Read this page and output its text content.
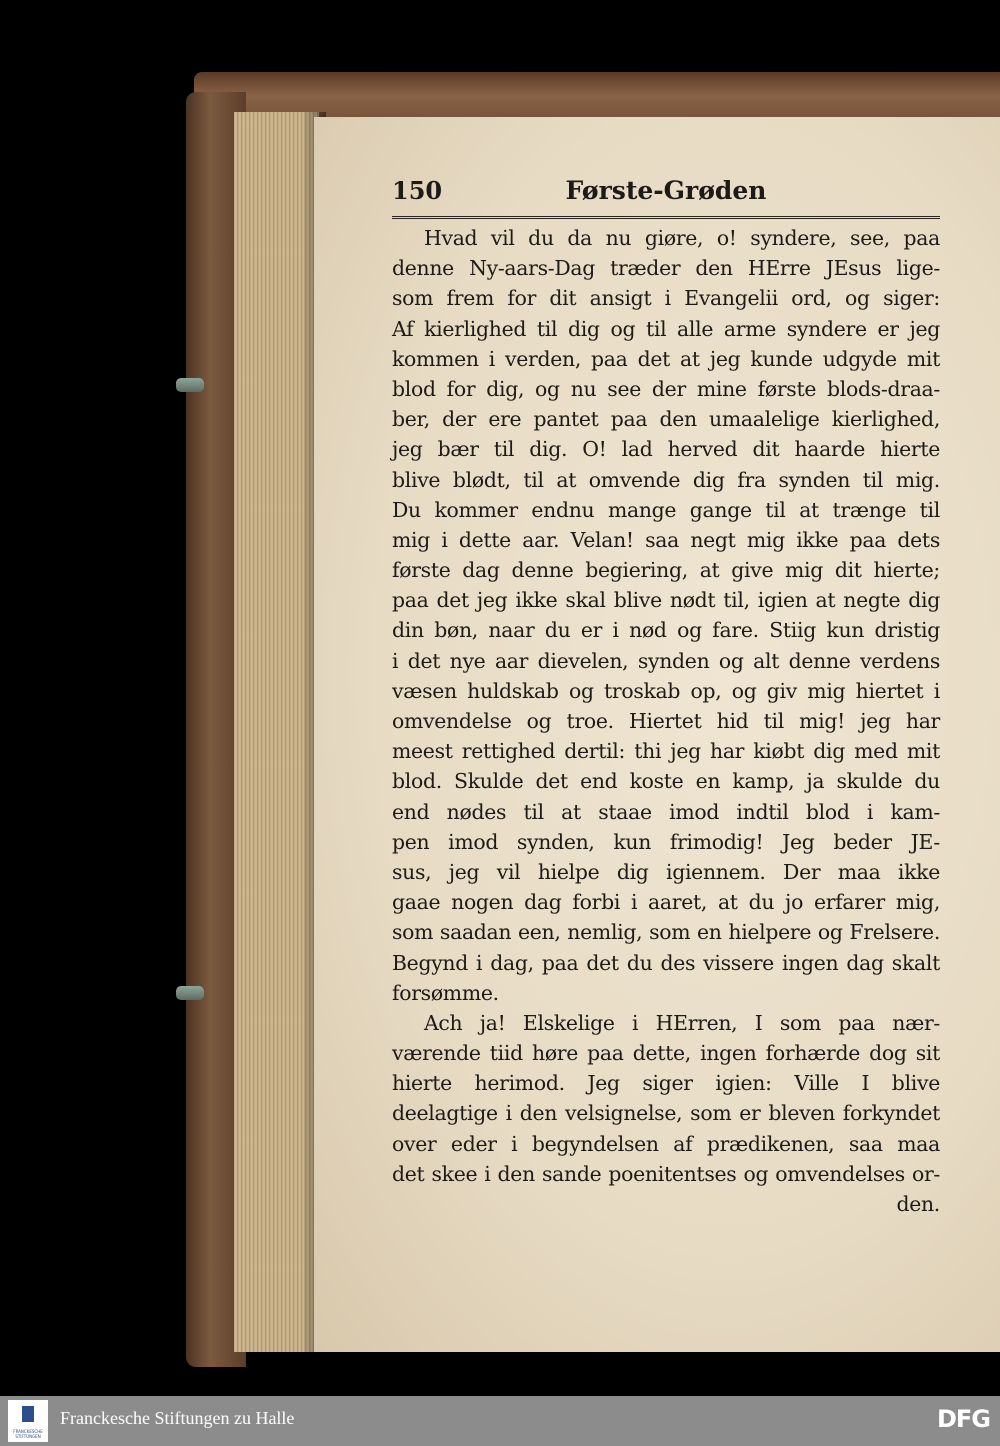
150	Første-Grøden
Hvad vil du da nu giøre, o! syndere, see, paa
denne Ny-aars-Dag træder den HErre JEsus lige-
som frem for dit ansigt i Evangelii ord, og siger:
Af kierlighed til dig og til alle arme syndere er jeg
kommen i verden, paa det at jeg kunde udgyde mit
blod for dig, og nu see der mine første blods-draa-
ber, der ere pantet paa den umaalelige kierlighed,
jeg bær til dig. O! lad herved dit haarde hierte
blive blødt, til at omvende dig fra synden til mig.
Du kommer endnu mange gange til at trænge til
mig i dette aar. Velan! saa negt mig ikke paa dets
første dag denne begiering, at give mig dit hierte;
paa det jeg ikke skal blive nødt til, igien at negte dig
din bøn, naar du er i nød og fare. Stiig kun dristig
i det nye aar dievelen, synden og alt denne verdens
væsen huldskab og troskab op, og giv mig hiertet i
omvendelse og troe. Hiertet hid til mig! jeg har
meest rettighed dertil: thi jeg har kiøbt dig med mit
blod. Skulde det end koste en kamp, ja skulde du
end nødes til at staae imod indtil blod i kam-
pen imod synden, kun frimodig! Jeg beder JE-
sus, jeg vil hielpe dig igiennem. Der maa ikke
gaae nogen dag forbi i aaret, at du jo erfarer mig,
som saadan een, nemlig, som en hielpere og Frelsere.
Begynd i dag, paa det du des vissere ingen dag skalt
forsømme.
Ach ja! Elskelige i HErren, I som paa nær-
værende tiid høre paa dette, ingen forhærde dog sit
hierte herimod. Jeg siger igien: Ville I blive
deelagtige i den velsignelse, som er bleven forkyndet
over eder i begyndelsen af prædikenen, saa maa
det skee i den sande poenitentses og omvendelses or-
den.
FRANCKESCHE STIFTUNGEN
Franckesche Stiftungen zu Halle	DFG
